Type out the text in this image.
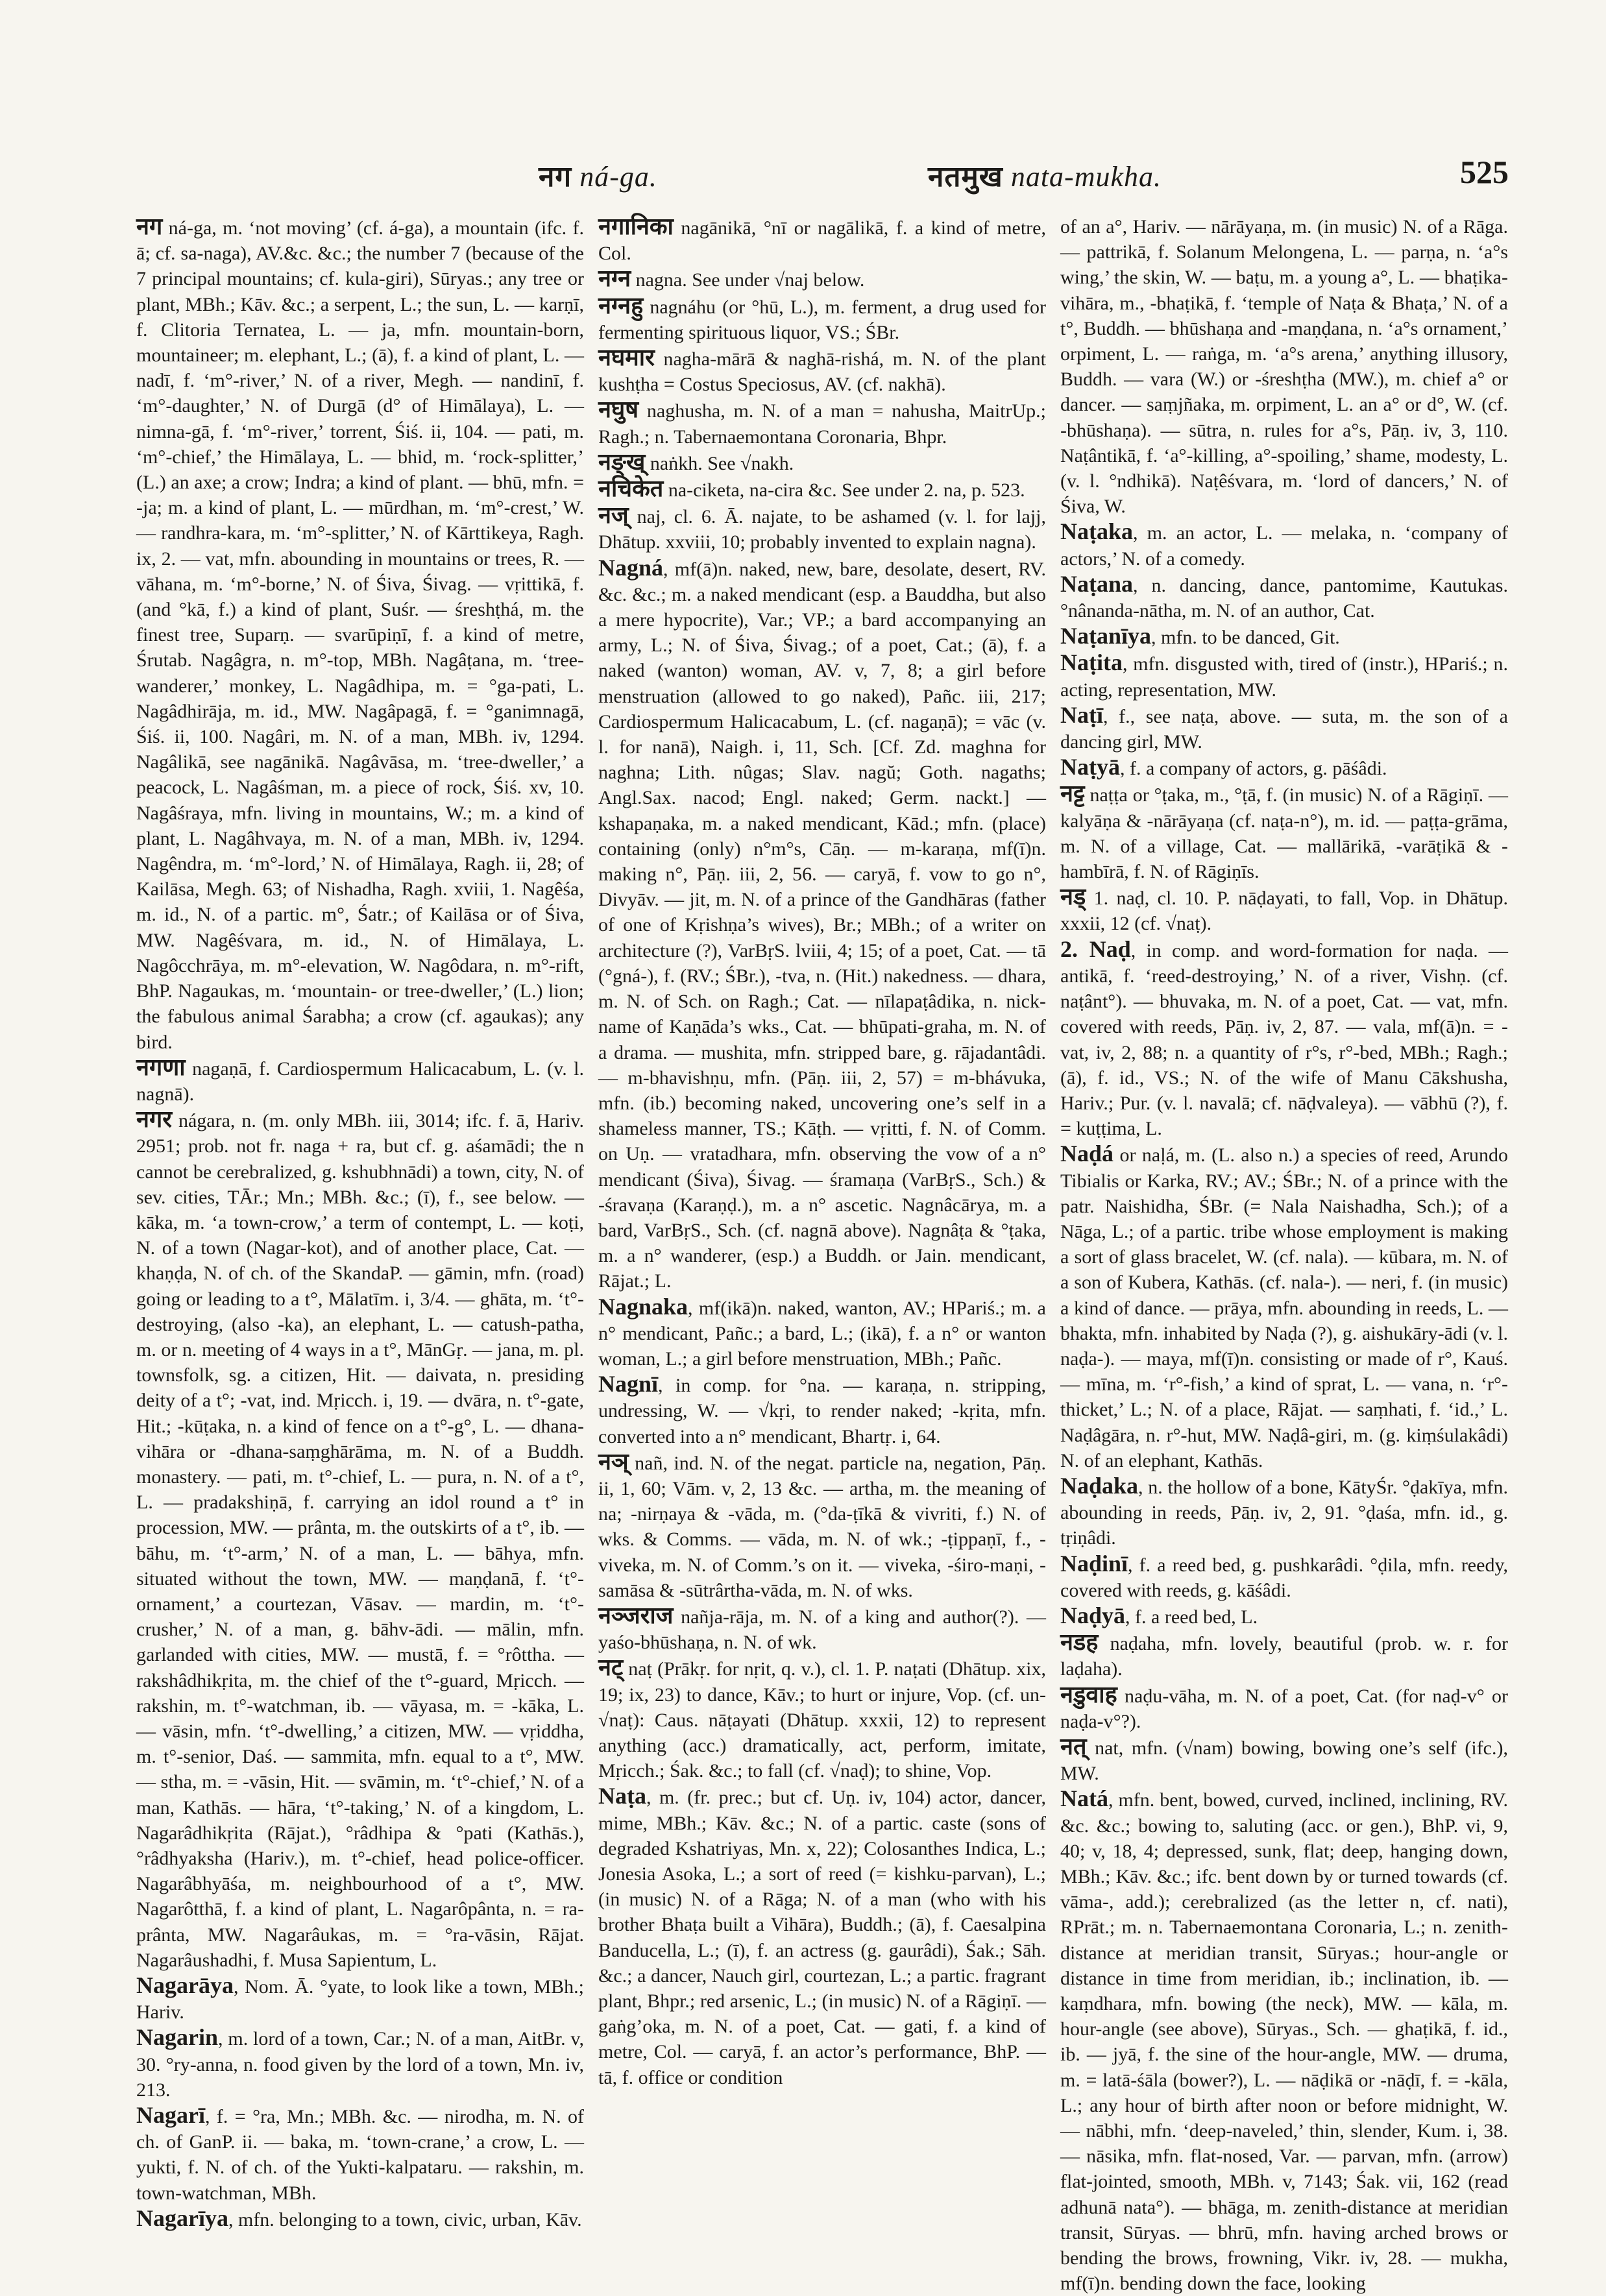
नग ná-ga.	नतमुख nata-mukha.	525

नग ná-ga, m. ‘not moving’ (cf. á-ga), a mountain (ifc. f. ā; cf. sa-naga), AV.&c. &c.; the number 7 (because of the 7 principal mountains; cf. kula-giri), Sūryas.; any tree or plant, MBh.; Kāv. &c.; a serpent, L.; the sun, L. — karṇī, f. Clitoria Ternatea, L. — ja, mfn. mountain-born, mountaineer; m. elephant, L.; (ā), f. a kind of plant, L. — nadī, f. ‘m°-river,’ N. of a river, Megh. — nandinī, f. ‘m°-daughter,’ N. of Durgā (d° of Himālaya), L. — nimna-gā, f. ‘m°-river,’ torrent, Śiś. ii, 104. — pati, m. ‘m°-chief,’ the Himālaya, L. — bhid, m. ‘rock-splitter,’ (L.) an axe; a crow; Indra; a kind of plant. — bhū, mfn. = -ja; m. a kind of plant, L. — mūrdhan, m. ‘m°-crest,’ W. — randhra-kara, m. ‘m°-splitter,’ N. of Kārttikeya, Ragh. ix, 2. — vat, mfn. abounding in mountains or trees, R. — vāhana, m. ‘m°-borne,’ N. of Śiva, Śivag. — vṛittikā, f. (and °kā, f.) a kind of plant, Suśr. — śreshṭhá, m. the finest tree, Suparṇ. — svarūpiṇī, f. a kind of metre, Śrutab. Nagâgra, n. m°-top, MBh. Nagâṭana, m. ‘tree-wanderer,’ monkey, L. Nagâdhipa, m. = °ga-pati, L. Nagâdhirāja, m. id., MW. Nagâpagā, f. = °ganimnagā, Śiś. ii, 100. Nagâri, m. N. of a man, MBh. iv, 1294. Nagâlikā, see nagānikā. Nagâvāsa, m. ‘tree-dweller,’ a peacock, L. Nagâśman, m. a piece of rock, Śiś. xv, 10. Nagâśraya, mfn. living in mountains, W.; m. a kind of plant, L. Nagâhvaya, m. N. of a man, MBh. iv, 1294. Nagêndra, m. ‘m°-lord,’ N. of Himālaya, Ragh. ii, 28; of Kailāsa, Megh. 63; of Nishadha, Ragh. xviii, 1. Nagêśa, m. id., N. of a partic. m°, Śatr.; of Kailāsa or of Śiva, MW. Nagêśvara, m. id., N. of Himālaya, L. Nagôcchrāya, m. m°-elevation, W. Nagôdara, n. m°-rift, BhP. Nagaukas, m. ‘mountain- or tree-dweller,’ (L.) lion; the fabulous animal Śarabha; a crow (cf. agaukas); any bird.

नगणा nagaṇā, f. Cardiospermum Halicacabum, L. (v. l. nagnā).

नगर nágara, n. (m. only MBh. iii, 3014; ifc. f. ā, Hariv. 2951; prob. not fr. naga + ra, but cf. g. aśamādi; the n cannot be cerebralized, g. kshubhnādi) a town, city, N. of sev. cities, TĀr.; Mn.; MBh. &c.; (ī), f., see below. — kāka, m. ‘a town-crow,’ a term of contempt, L. — koṭi, N. of a town (Nagar-kot), and of another place, Cat. — khaṇḍa, N. of ch. of the SkandaP. — gāmin, mfn. (road) going or leading to a t°, Mālatīm. i, 3/4. — ghāta, m. ‘t°-destroying, (also -ka), an elephant, L. — catush-patha, m. or n. meeting of 4 ways in a t°, MānGṛ. — jana, m. pl. townsfolk, sg. a citizen, Hit. — daivata, n. presiding deity of a t°; -vat, ind. Mṛicch. i, 19. — dvāra, n. t°-gate, Hit.; -kūṭaka, n. a kind of fence on a t°-g°, L. — dhana-vihāra or -dhana-saṃghārāma, m. N. of a Buddh. monastery. — pati, m. t°-chief, L. — pura, n. N. of a t°, L. — pradakshiṇā, f. carrying an idol round a t° in procession, MW. — prânta, m. the outskirts of a t°, ib. — bāhu, m. ‘t°-arm,’ N. of a man, L. — bāhya, mfn. situated without the town, MW. — maṇḍanā, f. ‘t°-ornament,’ a courtezan, Vāsav. — mardin, m. ‘t°-crusher,’ N. of a man, g. bāhv-ādi. — mālin, mfn. garlanded with cities, MW. — mustā, f. = °rôttha. — rakshâdhikṛita, m. the chief of the t°-guard, Mṛicch. — rakshin, m. t°-watchman, ib. — vāyasa, m. = -kāka, L. — vāsin, mfn. ‘t°-dwelling,’ a citizen, MW. — vṛiddha, m. t°-senior, Daś. — sammita, mfn. equal to a t°, MW. — stha, m. = -vāsin, Hit. — svāmin, m. ‘t°-chief,’ N. of a man, Kathās. — hāra, ‘t°-taking,’ N. of a kingdom, L. Nagarâdhikṛita (Rājat.), °râdhipa & °pati (Kathās.), °râdhyaksha (Hariv.), m. t°-chief, head police-officer. Nagarâbhyāśa, m. neighbourhood of a t°, MW. Nagarôtthā, f. a kind of plant, L. Nagarôpânta, n. = ra-prânta, MW. Nagarâukas, m. = °ra-vāsin, Rājat. Nagarâushadhi, f. Musa Sapientum, L.

Nagarāya, Nom. Ā. °yate, to look like a town, MBh.; Hariv.

Nagarin, m. lord of a town, Car.; N. of a man, AitBr. v, 30. °ry-anna, n. food given by the lord of a town, Mn. iv, 213.

Nagarī, f. = °ra, Mn.; MBh. &c. — nirodha, m. N. of ch. of GanP. ii. — baka, m. ‘town-crane,’ a crow, L. — yukti, f. N. of ch. of the Yukti-kalpataru. — rakshin, m. town-watchman, MBh.

Nagarīya, mfn. belonging to a town, civic, urban, Kāv.

नगानिका nagānikā, °nī or nagālikā, f. a kind of metre, Col.

नग्न nagna. See under √naj below.

नग्नहु nagnáhu (or °hū, L.), m. ferment, a drug used for fermenting spirituous liquor, VS.; ŚBr.

नघमार nagha-mārā & naghā-rishá, m. N. of the plant kushṭha = Costus Speciosus, AV. (cf. nakhā).

नघुष naghusha, m. N. of a man = nahusha, MaitrUp.; Ragh.; n. Tabernaemontana Coronaria, Bhpr.

नङ्ख् naṅkh. See √nakh.

नचिकेत na-ciketa, na-cira &c. See under 2. na, p. 523.

नज् naj, cl. 6. Ā. najate, to be ashamed (v. l. for lajj, Dhātup. xxviii, 10; probably invented to explain nagna).

Nagná, mf(ā)n. naked, new, bare, desolate, desert, RV. &c. &c.; m. a naked mendicant (esp. a Bauddha, but also a mere hypocrite), Var.; VP.; a bard accompanying an army, L.; N. of Śiva, Śivag.; of a poet, Cat.; (ā), f. a naked (wanton) woman, AV. v, 7, 8; a girl before menstruation (allowed to go naked), Pañc. iii, 217; Cardiospermum Halicacabum, L. (cf. nagaṇā); = vāc (v. l. for nanā), Naigh. i, 11, Sch. [Cf. Zd. maghna for naghna; Lith. nûgas; Slav. nagŭ; Goth. nagaths; Angl.Sax. nacod; Engl. naked; Germ. nackt.] — kshapaṇaka, m. a naked mendicant, Kād.; mfn. (place) containing (only) n°m°s, Cāṇ. — m-karaṇa, mf(ī)n. making n°, Pāṇ. iii, 2, 56. — caryā, f. vow to go n°, Divyāv. — jit, m. N. of a prince of the Gandhāras (father of one of Kṛishṇa’s wives), Br.; MBh.; of a writer on architecture (?), VarBṛS. lviii, 4; 15; of a poet, Cat. — tā (°gná-), f. (RV.; ŚBr.), -tva, n. (Hit.) nakedness. — dhara, m. N. of Sch. on Ragh.; Cat. — nīlapaṭâdika, n. nick-name of Kaṇāda’s wks., Cat. — bhūpati-graha, m. N. of a drama. — mushita, mfn. stripped bare, g. rājadantâdi. — m-bhavishṇu, mfn. (Pāṇ. iii, 2, 57) = m-bhávuka, mfn. (ib.) becoming naked, uncovering one’s self in a shameless manner, TS.; Kāṭh. — vṛitti, f. N. of Comm. on Uṇ. — vratadhara, mfn. observing the vow of a n° mendicant (Śiva), Śivag. — śramaṇa (VarBṛS., Sch.) & -śravaṇa (Karaṇḍ.), m. a n° ascetic. Nagnâcārya, m. a bard, VarBṛS., Sch. (cf. nagnā above). Nagnâṭa & °ṭaka, m. a n° wanderer, (esp.) a Buddh. or Jain. mendicant, Rājat.; L.

Nagnaka, mf(ikā)n. naked, wanton, AV.; HPariś.; m. a n° mendicant, Pañc.; a bard, L.; (ikā), f. a n° or wanton woman, L.; a girl before menstruation, MBh.; Pañc.

Nagnī, in comp. for °na. — karaṇa, n. stripping, undressing, W. — √kṛi, to render naked; -kṛita, mfn. converted into a n° mendicant, Bhartṛ. i, 64.

नञ् nañ, ind. N. of the negat. particle na, negation, Pāṇ. ii, 1, 60; Vām. v, 2, 13 &c. — artha, m. the meaning of na; -nirṇaya & -vāda, m. (°da-ṭīkā & vivriti, f.) N. of wks. & Comms. — vāda, m. N. of wk.; -ṭippaṇī, f., -viveka, m. N. of Comm.’s on it. — viveka, -śiro-maṇi, -samāsa & -sūtrârtha-vāda, m. N. of wks.

नञ्जराज nañja-rāja, m. N. of a king and author(?). — yaśo-bhūshaṇa, n. N. of wk.

नट् naṭ (Prākṛ. for nṛit, q. v.), cl. 1. P. naṭati (Dhātup. xix, 19; ix, 23) to dance, Kāv.; to hurt or injure, Vop. (cf. un-√naṭ): Caus. nāṭayati (Dhātup. xxxii, 12) to represent anything (acc.) dramatically, act, perform, imitate, Mṛicch.; Śak. &c.; to fall (cf. √naḍ); to shine, Vop.

Naṭa, m. (fr. prec.; but cf. Uṇ. iv, 104) actor, dancer, mime, MBh.; Kāv. &c.; N. of a partic. caste (sons of degraded Kshatriyas, Mn. x, 22); Colosanthes Indica, L.; Jonesia Asoka, L.; a sort of reed (= kishku-parvan), L.; (in music) N. of a Rāga; N. of a man (who with his brother Bhaṭa built a Vihāra), Buddh.; (ā), f. Caesalpina Banducella, L.; (ī), f. an actress (g. gaurâdi), Śak.; Sāh. &c.; a dancer, Nauch girl, courtezan, L.; a partic. fragrant plant, Bhpr.; red arsenic, L.; (in music) N. of a Rāgiṇī. — gaṅg’oka, m. N. of a poet, Cat. — gati, f. a kind of metre, Col. — caryā, f. an actor’s performance, BhP. — tā, f. office or condition

of an a°, Hariv. — nārāyaṇa, m. (in music) N. of a Rāga. — pattrikā, f. Solanum Melongena, L. — parṇa, n. ‘a°s wing,’ the skin, W. — baṭu, m. a young a°, L. — bhaṭika-vihāra, m., -bhaṭikā, f. ‘temple of Naṭa & Bhaṭa,’ N. of a t°, Buddh. — bhūshaṇa and -maṇḍana, n. ‘a°s ornament,’ orpiment, L. — raṅga, m. ‘a°s arena,’ anything illusory, Buddh. — vara (W.) or -śreshṭha (MW.), m. chief a° or dancer. — saṃjñaka, m. orpiment, L. an a° or d°, W. (cf. -bhūshaṇa). — sūtra, n. rules for a°s, Pāṇ. iv, 3, 110. Naṭântikā, f. ‘a°-killing, a°-spoiling,’ shame, modesty, L. (v. l. °ndhikā). Naṭêśvara, m. ‘lord of dancers,’ N. of Śiva, W.

Naṭaka, m. an actor, L. — melaka, n. ‘company of actors,’ N. of a comedy.

Naṭana, n. dancing, dance, pantomime, Kautukas. °nânanda-nātha, m. N. of an author, Cat.

Naṭanīya, mfn. to be danced, Git.

Naṭita, mfn. disgusted with, tired of (instr.), HPariś.; n. acting, representation, MW.

Naṭī, f., see naṭa, above. — suta, m. the son of a dancing girl, MW.

Naṭyā, f. a company of actors, g. pāśâdi.

नट्ट naṭṭa or °ṭaka, m., °ṭā, f. (in music) N. of a Rāgiṇī. — kalyāṇa & -nārāyaṇa (cf. naṭa-n°), m. id. — paṭṭa-grāma, m. N. of a village, Cat. — mallārikā, -varāṭikā & -hambīrā, f. N. of Rāgiṇīs.

नड् 1. naḍ, cl. 10. P. nāḍayati, to fall, Vop. in Dhātup. xxxii, 12 (cf. √naṭ).

2. Naḍ, in comp. and word-formation for naḍa. — antikā, f. ‘reed-destroying,’ N. of a river, Vishṇ. (cf. naṭânt°). — bhuvaka, m. N. of a poet, Cat. — vat, mfn. covered with reeds, Pāṇ. iv, 2, 87. — vala, mf(ā)n. = -vat, iv, 2, 88; n. a quantity of r°s, r°-bed, MBh.; Ragh.; (ā), f. id., VS.; N. of the wife of Manu Cākshusha, Hariv.; Pur. (v. l. navalā; cf. nāḍvaleya). — vābhū (?), f. = kuṭṭima, L.

Naḍá or naḷá, m. (L. also n.) a species of reed, Arundo Tibialis or Karka, RV.; AV.; ŚBr.; N. of a prince with the patr. Naishidha, ŚBr. (= Nala Naishadha, Sch.); of a Nāga, L.; of a partic. tribe whose employment is making a sort of glass bracelet, W. (cf. nala). — kūbara, m. N. of a son of Kubera, Kathās. (cf. nala-). — neri, f. (in music) a kind of dance. — prāya, mfn. abounding in reeds, L. — bhakta, mfn. inhabited by Naḍa (?), g. aishukāry-ādi (v. l. naḍa-). — maya, mf(ī)n. consisting or made of r°, Kauś. — mīna, m. ‘r°-fish,’ a kind of sprat, L. — vana, n. ‘r°-thicket,’ L.; N. of a place, Rājat. — saṃhati, f. ‘id.,’ L. Naḍâgāra, n. r°-hut, MW. Naḍâ-giri, m. (g. kiṃśulakâdi) N. of an elephant, Kathās.

Naḍaka, n. the hollow of a bone, KātyŚr. °ḍakīya, mfn. abounding in reeds, Pāṇ. iv, 2, 91. °ḍaśa, mfn. id., g. tṛiṇâdi.

Naḍinī, f. a reed bed, g. pushkarâdi. °ḍila, mfn. reedy, covered with reeds, g. kāśâdi.

Naḍyā, f. a reed bed, L.

नडह naḍaha, mfn. lovely, beautiful (prob. w. r. for laḍaha).

नडुवाह naḍu-vāha, m. N. of a poet, Cat. (for naḍ-v° or naḍa-v°?).

नत् nat, mfn. (√nam) bowing, bowing one’s self (ifc.), MW.

Natá, mfn. bent, bowed, curved, inclined, inclining, RV. &c. &c.; bowing to, saluting (acc. or gen.), BhP. vi, 9, 40; v, 18, 4; depressed, sunk, flat; deep, hanging down, MBh.; Kāv. &c.; ifc. bent down by or turned towards (cf. vāma-, add.); cerebralized (as the letter n, cf. nati), RPrāt.; m. n. Tabernaemontana Coronaria, L.; n. zenith-distance at meridian transit, Sūryas.; hour-angle or distance in time from meridian, ib.; inclination, ib. — kaṃdhara, mfn. bowing (the neck), MW. — kāla, m. hour-angle (see above), Sūryas., Sch. — ghaṭikā, f. id., ib. — jyā, f. the sine of the hour-angle, MW. — druma, m. = latā-śāla (bower?), L. — nāḍikā or -nāḍī, f. = -kāla, L.; any hour of birth after noon or before midnight, W. — nābhi, mfn. ‘deep-naveled,’ thin, slender, Kum. i, 38. — nāsika, mfn. flat-nosed, Var. — parvan, mfn. (arrow) flat-jointed, smooth, MBh. v, 7143; Śak. vii, 162 (read adhunā nata°). — bhāga, m. zenith-distance at meridian transit, Sūryas. — bhrū, mfn. having arched brows or bending the brows, frowning, Vikr. iv, 28. — mukha, mf(ī)n. bending down the face, looking
